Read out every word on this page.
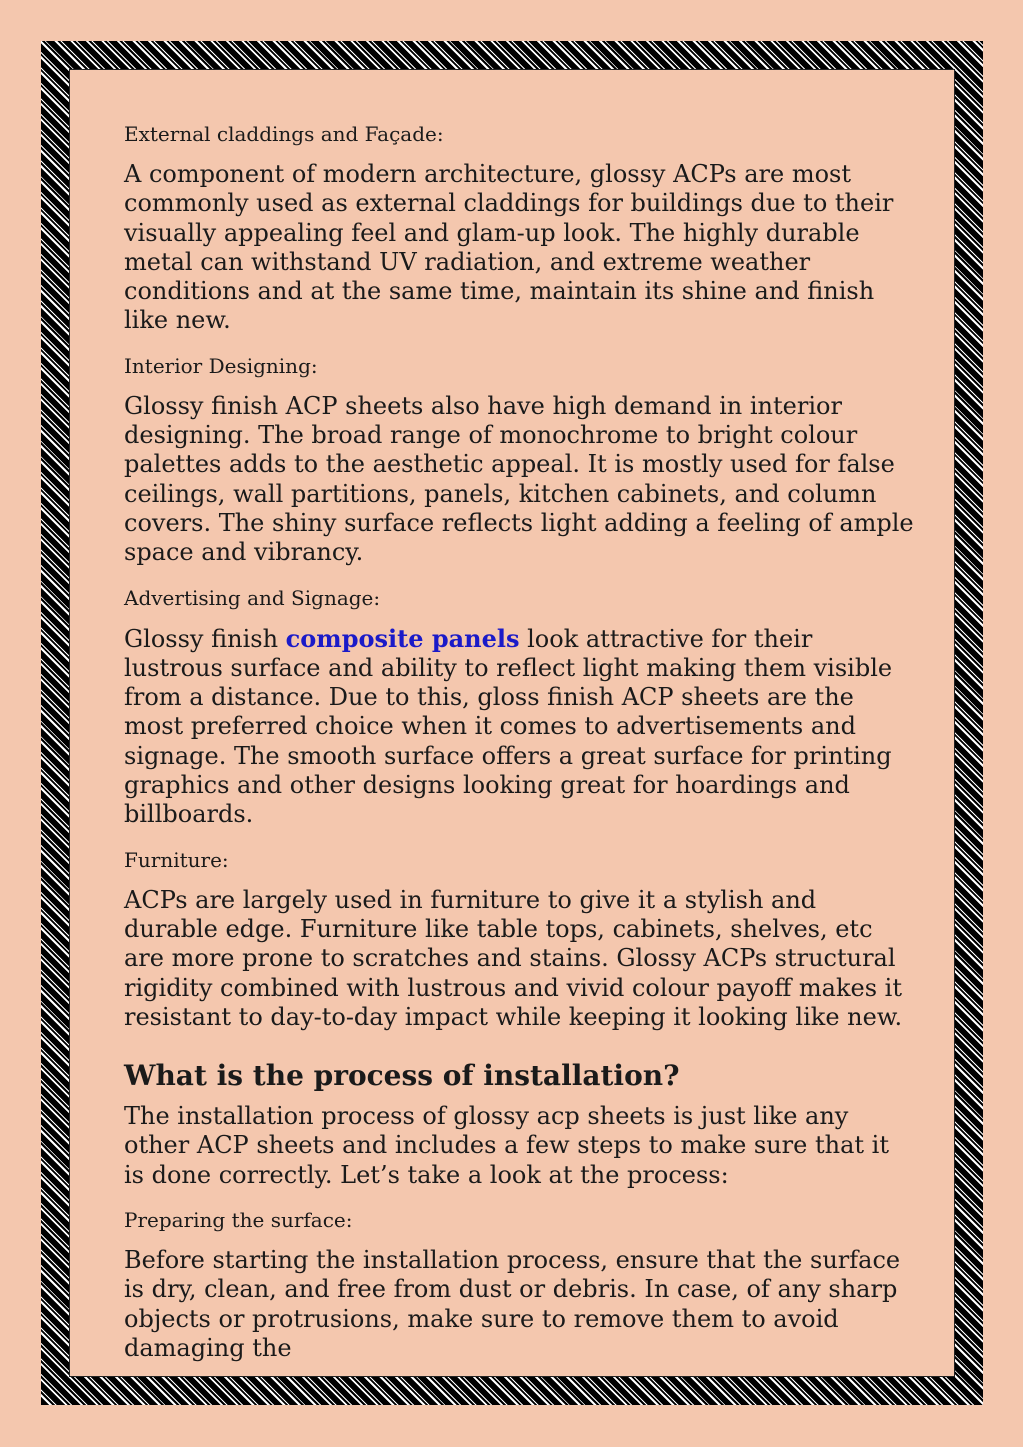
External claddings and Façade:

A component of modern architecture, glossy ACPs are most commonly used as external claddings for buildings due to their visually appealing feel and glam-up look. The highly durable metal can withstand UV radiation, and extreme weather conditions and at the same time, maintain its shine and finish like new.

Interior Designing:

Glossy finish ACP sheets also have high demand in interior designing. The broad range of monochrome to bright colour palettes adds to the aesthetic appeal. It is mostly used for false ceilings, wall partitions, panels, kitchen cabinets, and column covers. The shiny surface reflects light adding a feeling of ample space and vibrancy.

Advertising and Signage:

Glossy finish composite panels look attractive for their lustrous surface and ability to reflect light making them visible from a distance. Due to this, gloss finish ACP sheets are the most preferred choice when it comes to advertisements and signage. The smooth surface offers a great surface for printing graphics and other designs looking great for hoardings and billboards.

Furniture:

ACPs are largely used in furniture to give it a stylish and durable edge. Furniture like table tops, cabinets, shelves, etc are more prone to scratches and stains. Glossy ACPs structural rigidity combined with lustrous and vivid colour payoff makes it resistant to day-to-day impact while keeping it looking like new.

What is the process of installation?

The installation process of glossy acp sheets is just like any other ACP sheets and includes a few steps to make sure that it is done correctly. Let’s take a look at the process:

Preparing the surface:

Before starting the installation process, ensure that the surface is dry, clean, and free from dust or debris. In case, of any sharp objects or protrusions, make sure to remove them to avoid damaging the
